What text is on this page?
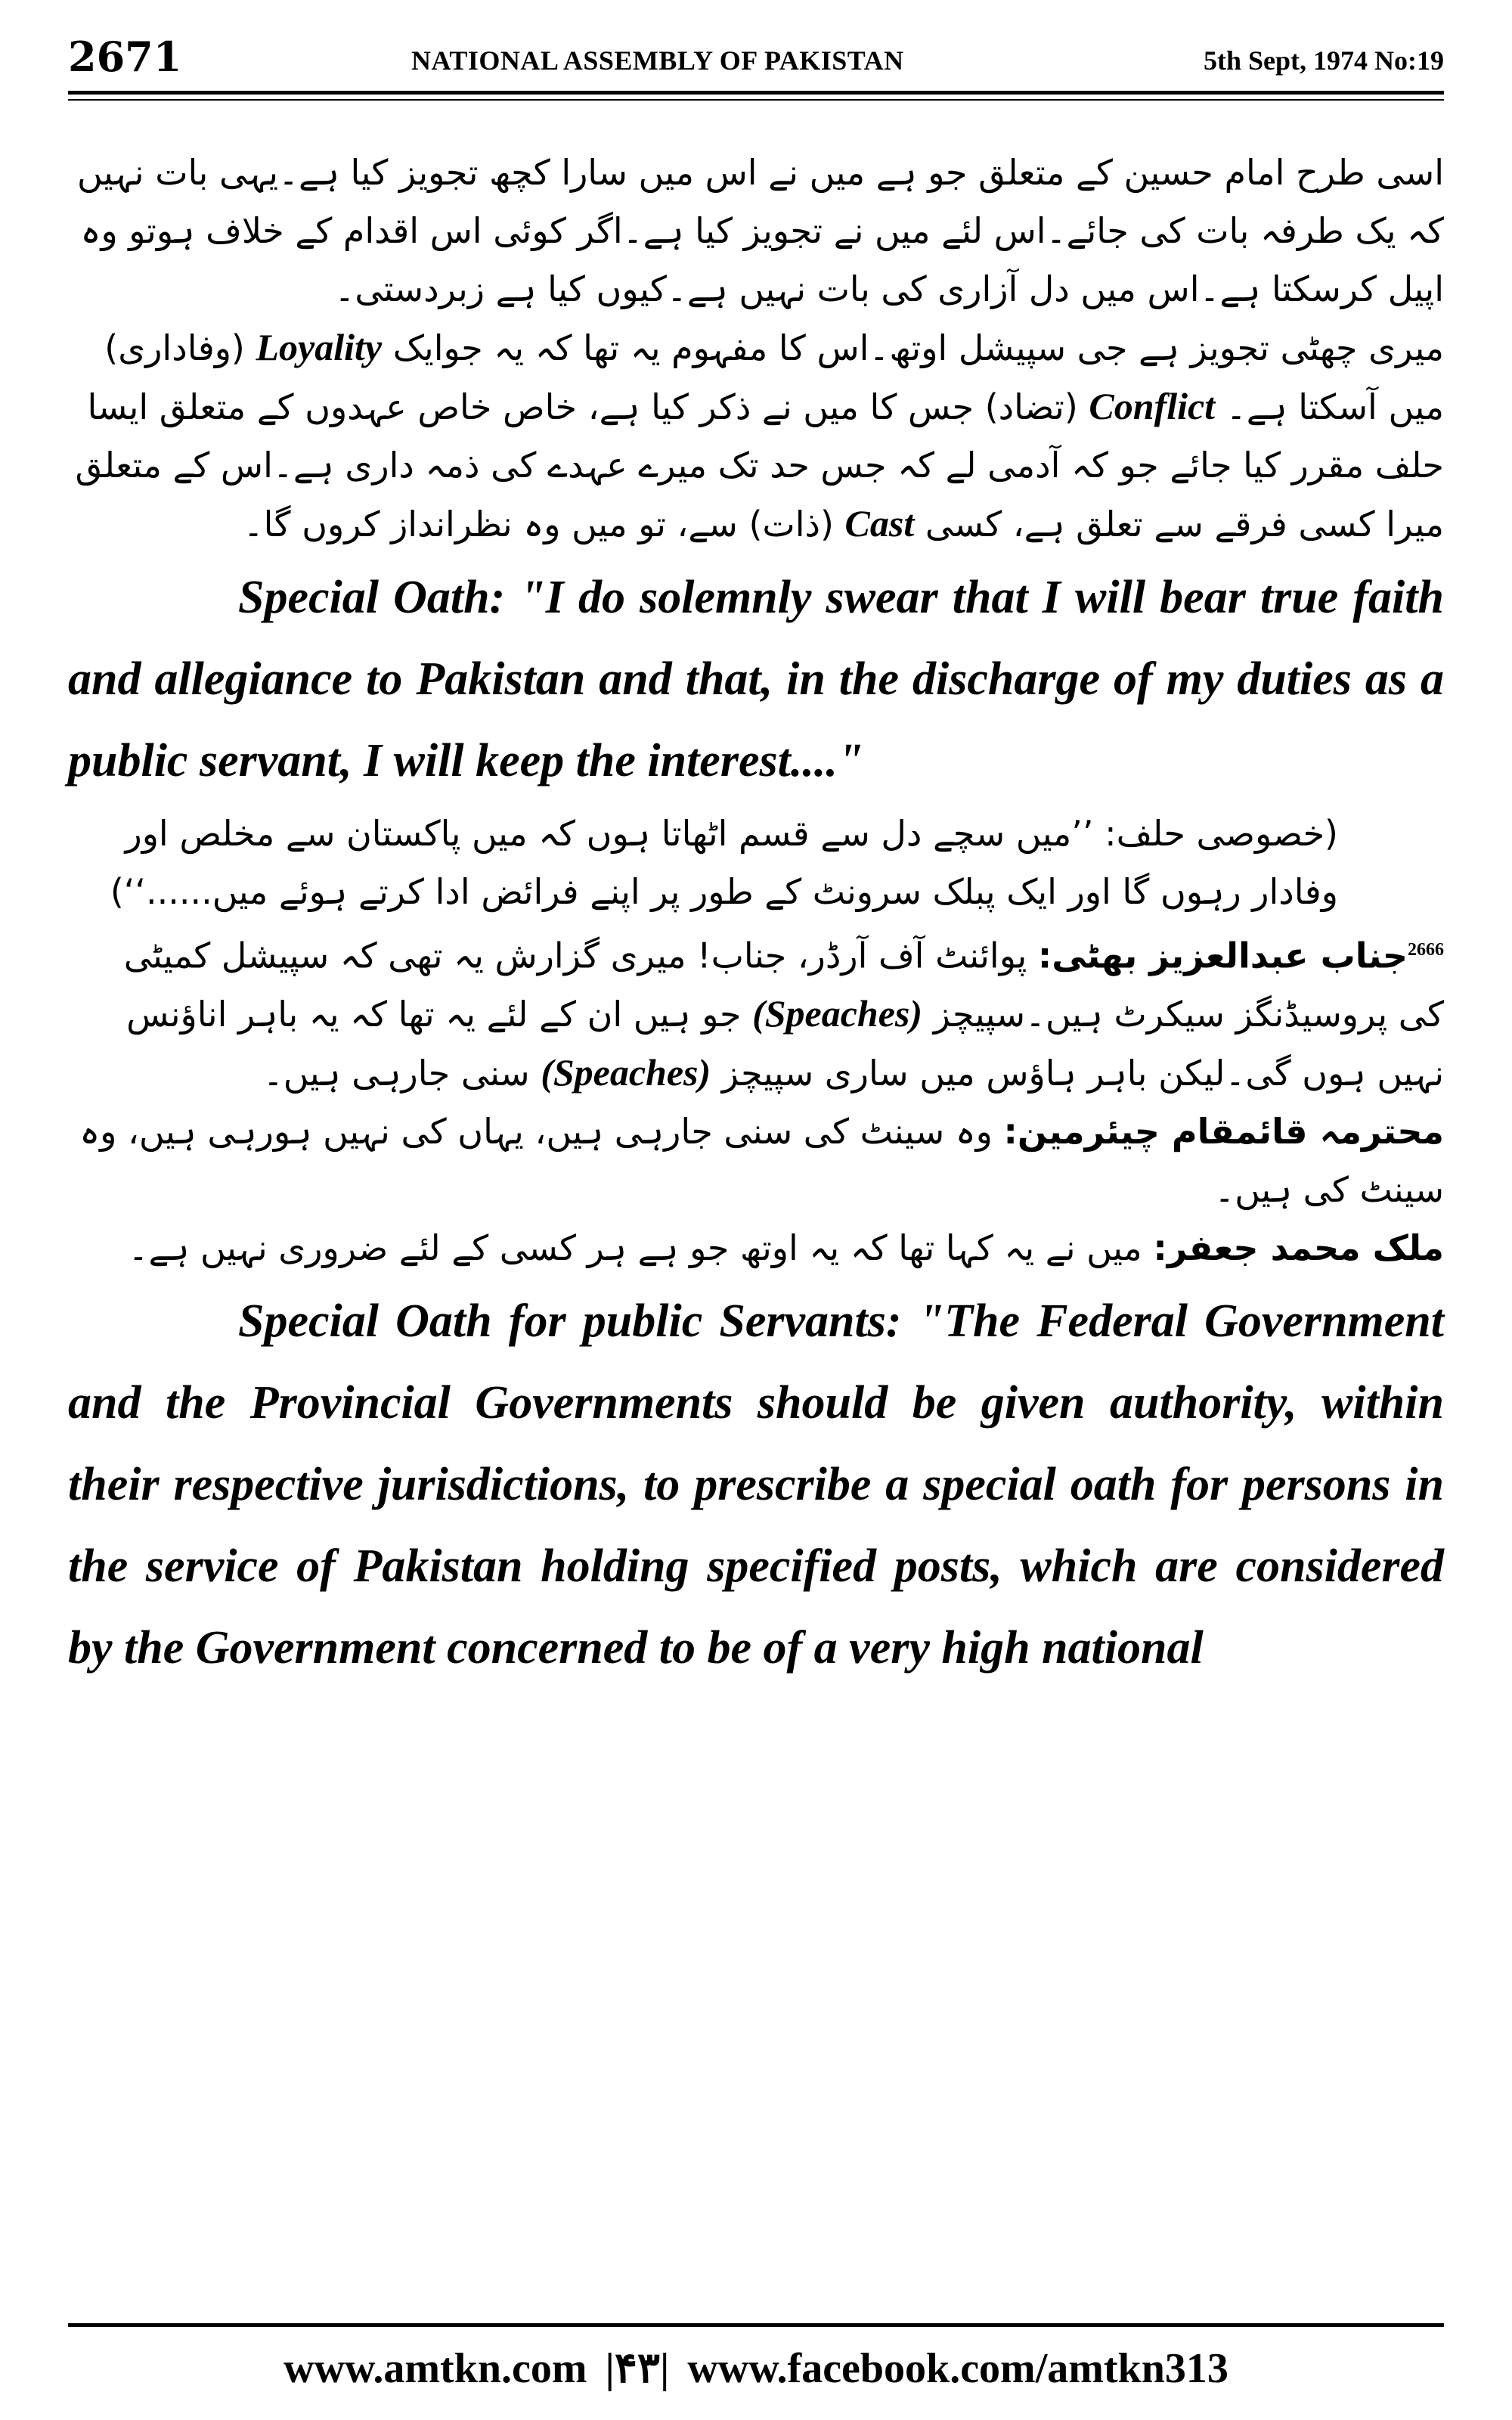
2671	NATIONAL ASSEMBLY OF PAKISTAN	5th Sept, 1974 No:19

اسی طرح امام حسین کے متعلق جو ہے میں نے اس میں سارا کچھ تجویز کیا ہے۔یہی بات نہیں کہ یک طرفہ بات کی جائے۔اس لئے میں نے تجویز کیا ہے۔اگر کوئی اس اقدام کے خلاف ہوتو وہ اپیل کرسکتا ہے۔اس میں دل آزاری کی بات نہیں ہے۔کیوں کیا ہے زبردستی۔

میری چھٹی تجویز ہے جی سپیشل اوتھ۔اس کا مفہوم یہ تھا کہ یہ جوایک Loyality (وفاداری) میں آسکتا ہے۔ Conflict (تضاد) جس کا میں نے ذکر کیا ہے، خاص خاص عہدوں کے متعلق ایسا حلف مقرر کیا جائے جو کہ آدمی لے کہ جس حد تک میرے عہدے کی ذمہ داری ہے۔اس کے متعلق میرا کسی فرقے سے تعلق ہے، کسی Cast (ذات) سے، تو میں وہ نظرانداز کروں گا۔

Special Oath: "I do solemnly swear that I will bear true faith and allegiance to Pakistan and that, in the discharge of my duties as a public servant, I will keep the interest...."

(خصوصی حلف: ’’میں سچے دل سے قسم اٹھاتا ہوں کہ میں پاکستان سے مخلص اور وفادار رہوں گا اور ایک پبلک سرونٹ کے طور پر اپنے فرائض ادا کرتے ہوئے میں......‘‘)

$^{2666}$جناب عبدالعزیز بھٹی: پوائنٹ آف آرڈر، جناب! میری گزارش یہ تھی کہ سپیشل کمیٹی کی پروسیڈنگز سیکرٹ ہیں۔سپیچز (Speaches) جو ہیں ان کے لئے یہ تھا کہ یہ باہر اناؤنس نہیں ہوں گی۔لیکن باہر ہاؤس میں ساری سپیچز (Speaches) سنی جارہی ہیں۔

محترمہ قائمقام چیئرمین: وہ سینٹ کی سنی جارہی ہیں، یہاں کی نہیں ہورہی ہیں، وہ سینٹ کی ہیں۔

ملک محمد جعفر: میں نے یہ کہا تھا کہ یہ اوتھ جو ہے ہر کسی کے لئے ضروری نہیں ہے۔

Special Oath for public Servants: "The Federal Government and the Provincial Governments should be given authority, within their respective jurisdictions, to prescribe a special oath for persons in the service of Pakistan holding specified posts, which are considered by the Government concerned to be of a very high national

www.amtkn.com |۴۳| www.facebook.com/amtkn313
